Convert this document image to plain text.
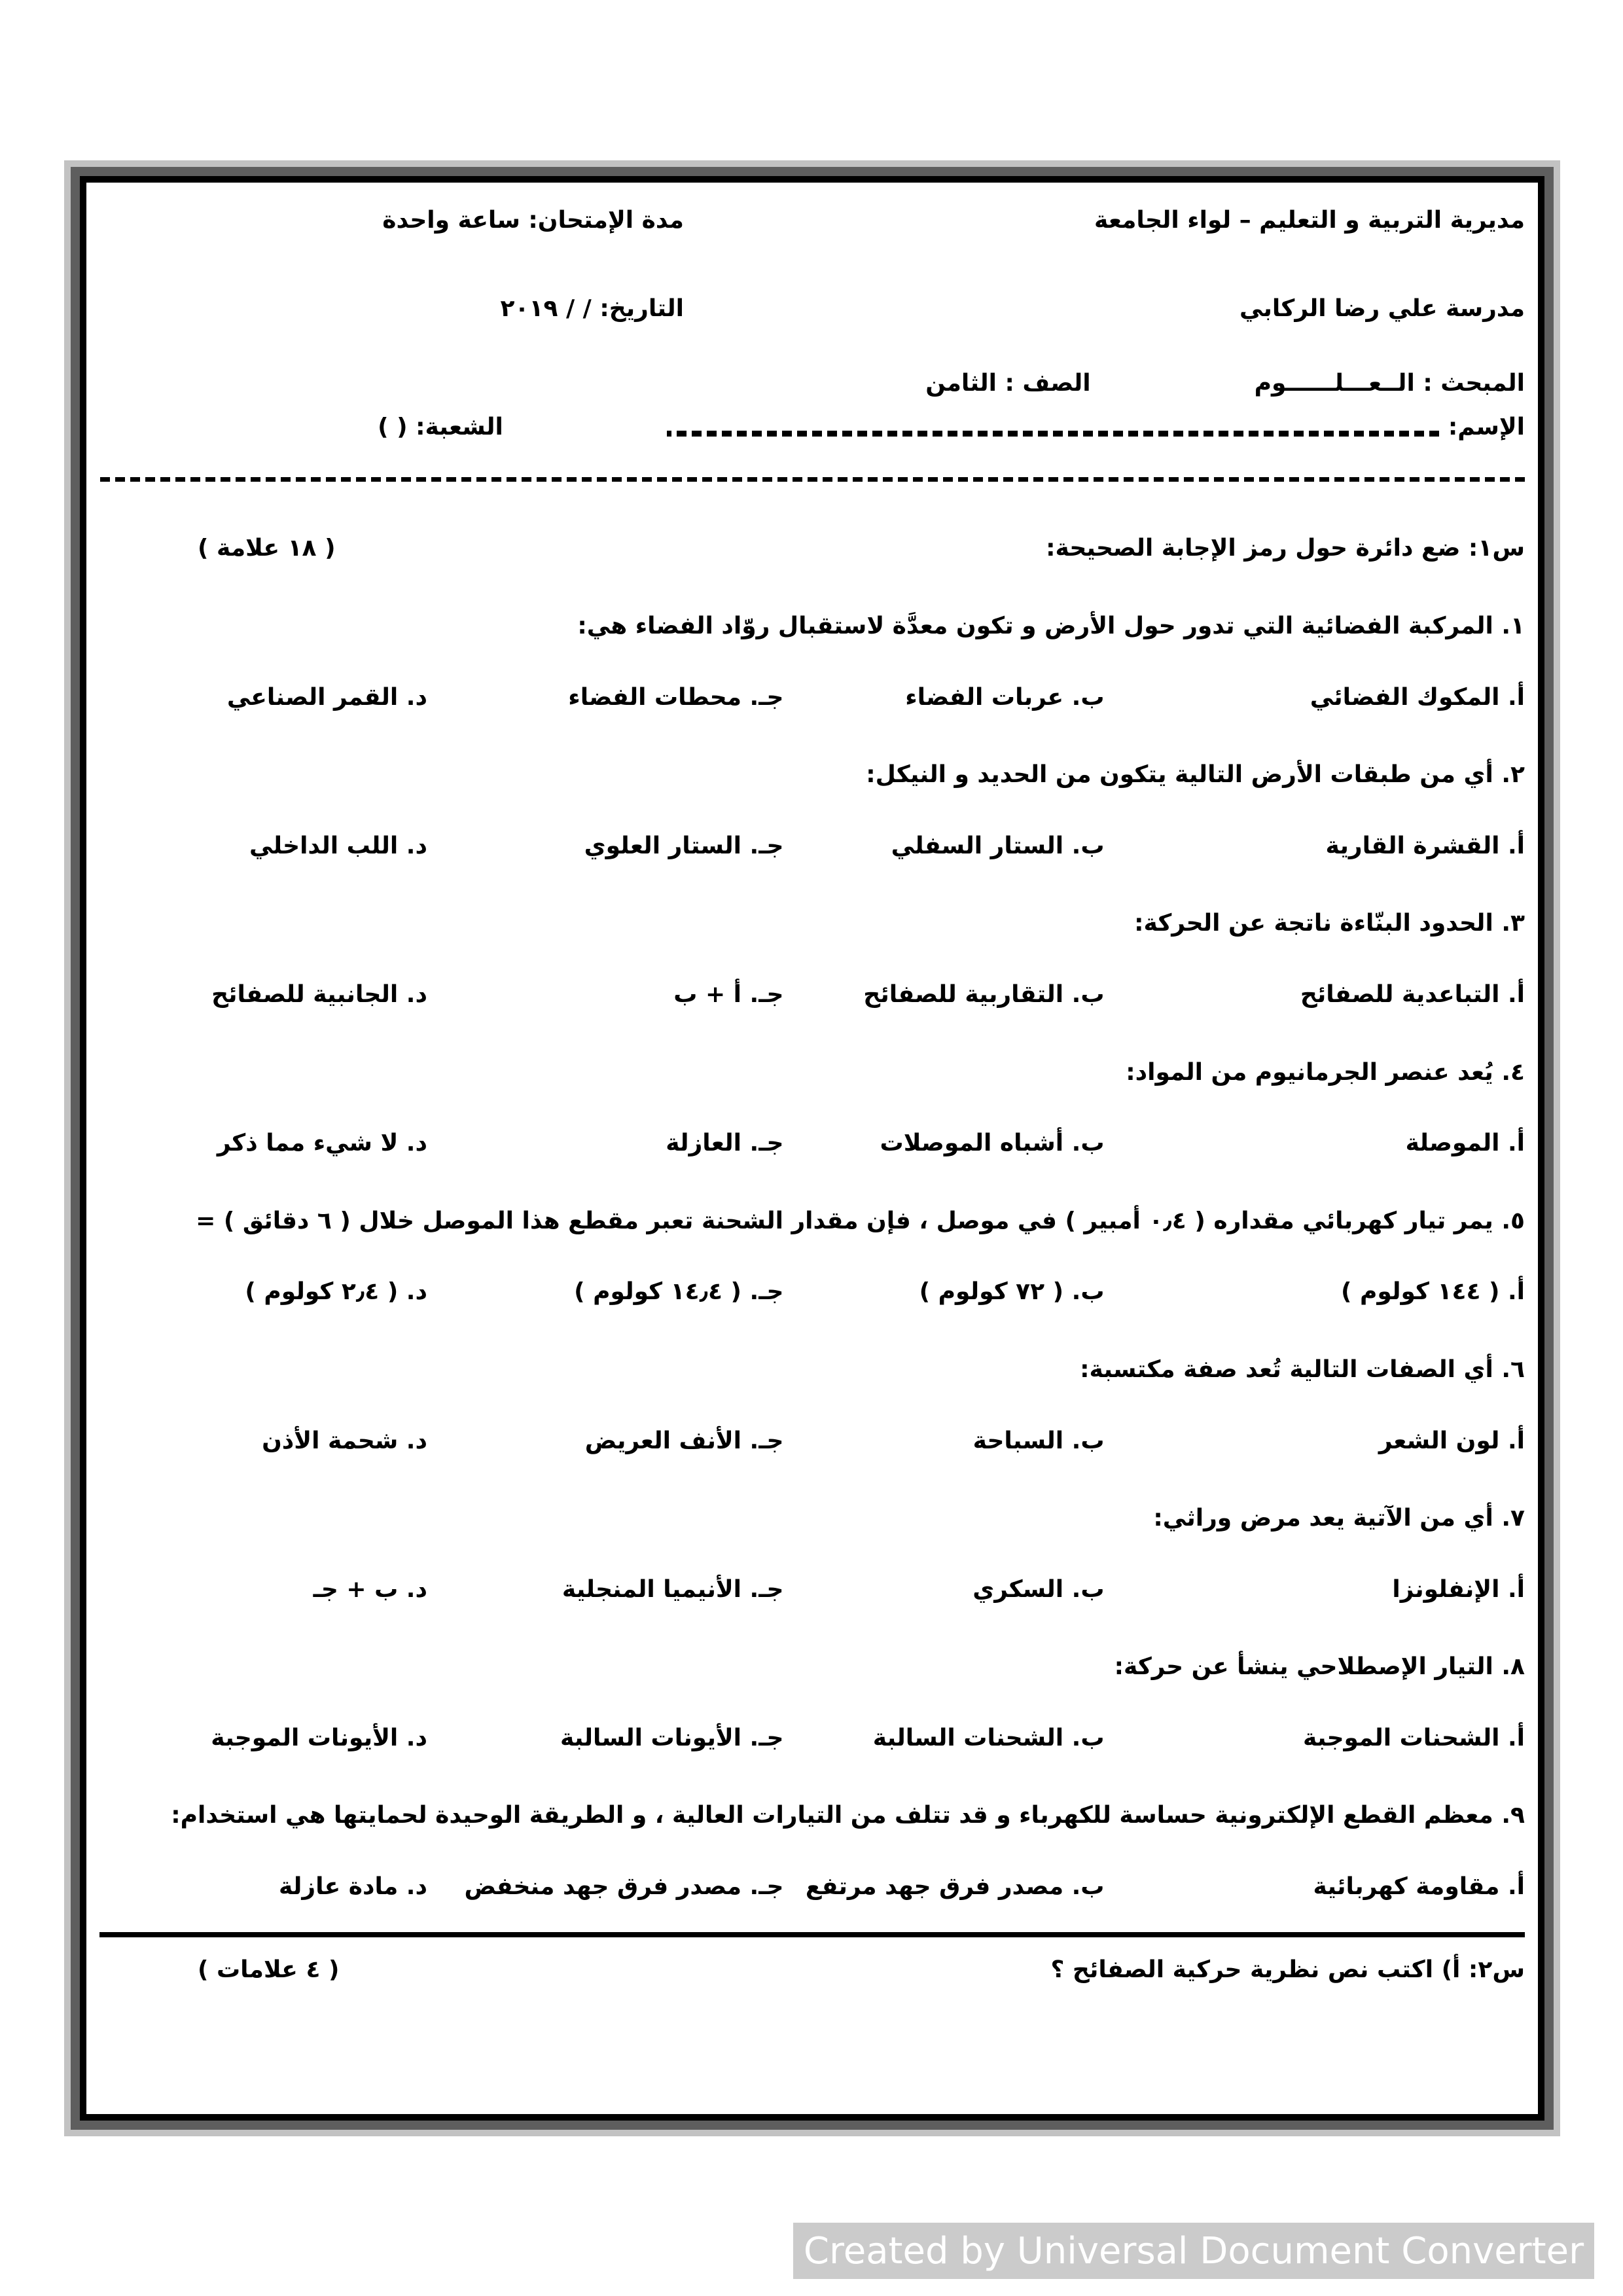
مديرية التربية و التعليم – لواء الجامعة
مدة الإمتحان: ساعة واحدة
مدرسة علي رضا الركابي
التاريخ: / / ٢٠١٩
المبحث : الــعـــلــــــوم
الصف : الثامن
الإسم:
الشعبة: ( )
س١: ضع دائرة حول رمز الإجابة الصحيحة:
( ١٨ علامة )
١. المركبة الفضائية التي تدور حول الأرض و تكون معدَّة لاستقبال روّاد الفضاء هي:
أ. المكوك الفضائي
ب. عربات الفضاء
جـ. محطات الفضاء
د. القمر الصناعي
٢. أي من طبقات الأرض التالية يتكون من الحديد و النيكل:
أ. القشرة القارية
ب. الستار السفلي
جـ. الستار العلوي
د. اللب الداخلي
٣. الحدود البنّاءة ناتجة عن الحركة:
أ. التباعدية للصفائح
ب. التقاربية للصفائح
جـ. أ + ب
د. الجانبية للصفائح
٤. يُعد عنصر الجرمانيوم من المواد:
أ. الموصلة
ب. أشباه الموصلات
جـ. العازلة
د. لا شيء مما ذكر
٥. يمر تيار كهربائي مقداره ( ٠٫٤ أمبير ) في موصل ، فإن مقدار الشحنة تعبر مقطع هذا الموصل خلال ( ٦ دقائق ) =
أ. ( ١٤٤ كولوم )
ب. ( ٧٢ كولوم )
جـ. ( ١٤٫٤ كولوم )
د. ( ٢٫٤ كولوم )
٦. أي الصفات التالية تُعد صفة مكتسبة:
أ. لون الشعر
ب. السباحة
جـ. الأنف العريض
د. شحمة الأذن
٧. أي من الآتية يعد مرض وراثي:
أ. الإنفلونزا
ب. السكري
جـ. الأنيميا المنجلية
د. ب + جـ
٨. التيار الإصطلاحي ينشأ عن حركة:
أ. الشحنات الموجبة
ب. الشحنات السالبة
جـ. الأيونات السالبة
د. الأيونات الموجبة
٩. معظم القطع الإلكترونية حساسة للكهرباء و قد تتلف من التيارات العالية ، و الطريقة الوحيدة لحمايتها هي استخدام:
أ. مقاومة كهربائية
ب. مصدر فرق جهد مرتفع
جـ. مصدر فرق جهد منخفض
د. مادة عازلة
س٢: أ) اكتب نص نظرية حركية الصفائح ؟
( ٤ علامات )
Created by Universal Document Converter
